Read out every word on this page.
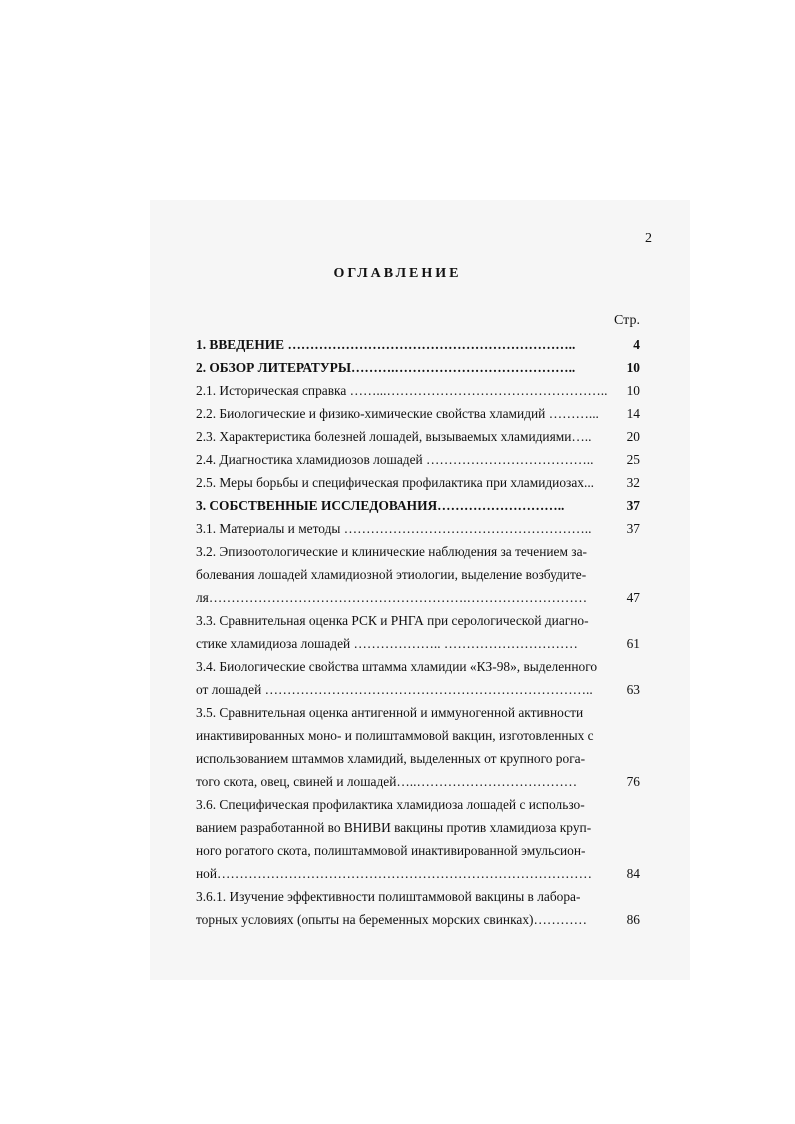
2
ОГЛАВЛЕНИЕ
Стр.
1. ВВЕДЕНИЕ ………………………………………………………..	4
2. ОБЗОР ЛИТЕРАТУРЫ……….…………………………………..	10
2.1. Историческая справка ……...…………………………………………..	10
2.2. Биологические и физико-химические свойства хламидий ………...	14
2.3. Характеристика болезней лошадей, вызываемых хламидиями…..	20
2.4. Диагностика хламидиозов лошадей ………………………………..	25
2.5. Меры борьбы и специфическая профилактика при хламидиозах...	32
3. СОБСТВЕННЫЕ ИССЛЕДОВАНИЯ………………………..	37
3.1. Материалы и методы ………………………………………………..	37
3.2. Эпизоотологические и клинические наблюдения за течением за-
болевания лошадей хламидиозной этиологии, выделение возбудите-
ля………………………………………………….………………………	47
3.3. Сравнительная оценка РСК и РНГА при серологической диагно-
стике хламидиоза лошадей ……………….. …………………………	61
3.4. Биологические свойства штамма хламидии «КЗ-98», выделенного
от лошадей ………………………………………………………………..	63
3.5. Сравнительная оценка антигенной и иммуногенной активности
инактивированных моно- и полиштаммовой вакцин, изготовленных с
использованием штаммов хламидий, выделенных от крупного рога-
того скота, овец, свиней и лошадей…..………………………………	76
3.6. Специфическая профилактика хламидиоза лошадей с использо-
ванием разработанной во ВНИВИ вакцины против хламидиоза круп-
ного рогатого скота, полиштаммовой инактивированной эмульсион-
ной…………………………………………………………………………	84
3.6.1. Изучение эффективности полиштаммовой вакцины в лабора-
торных условиях (опыты на беременных морских свинках)…………	86
